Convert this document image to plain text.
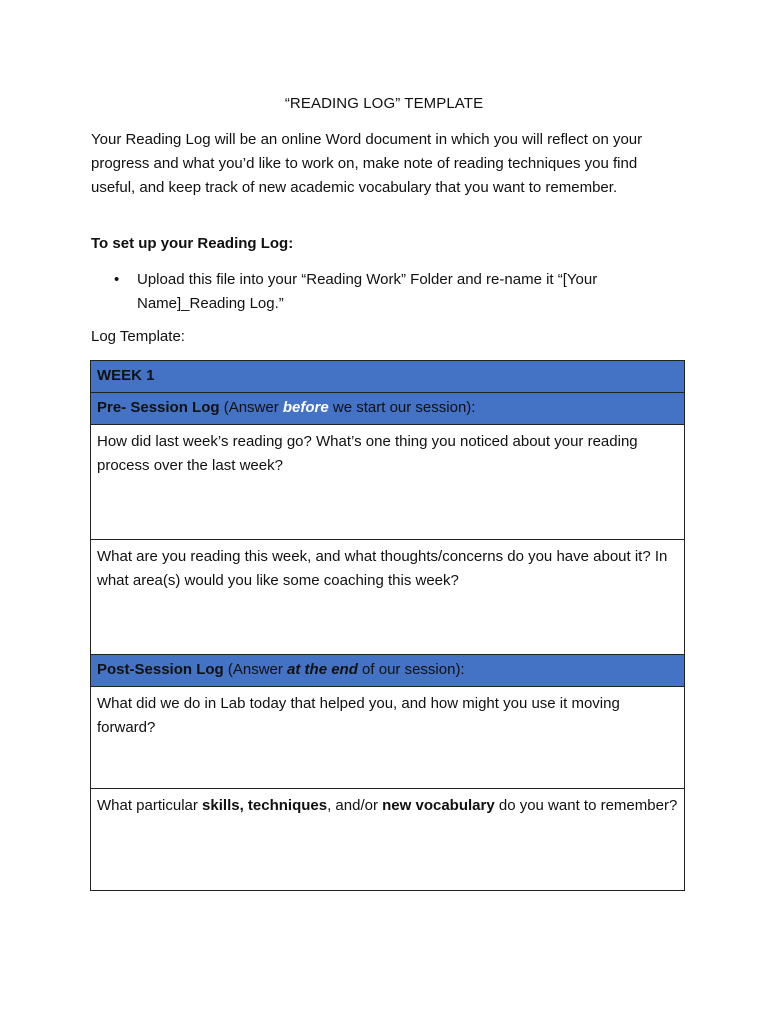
“READING LOG” TEMPLATE
Your Reading Log will be an online Word document in which you will reflect on your progress and what you’d like to work on, make note of reading techniques you find useful, and keep track of new academic vocabulary that you want to remember.
To set up your Reading Log:
• Upload this file into your “Reading Work” Folder and re-name it “[Your Name]_Reading Log.”
Log Template:
WEEK 1
Pre- Session Log (Answer before we start our session):
How did last week’s reading go? What’s one thing you noticed about your reading process over the last week?
What are you reading this week, and what thoughts/concerns do you have about it? In what area(s) would you like some coaching this week?
Post-Session Log (Answer at the end of our session):
What did we do in Lab today that helped you, and how might you use it moving forward?
What particular skills, techniques, and/or new vocabulary do you want to remember?
